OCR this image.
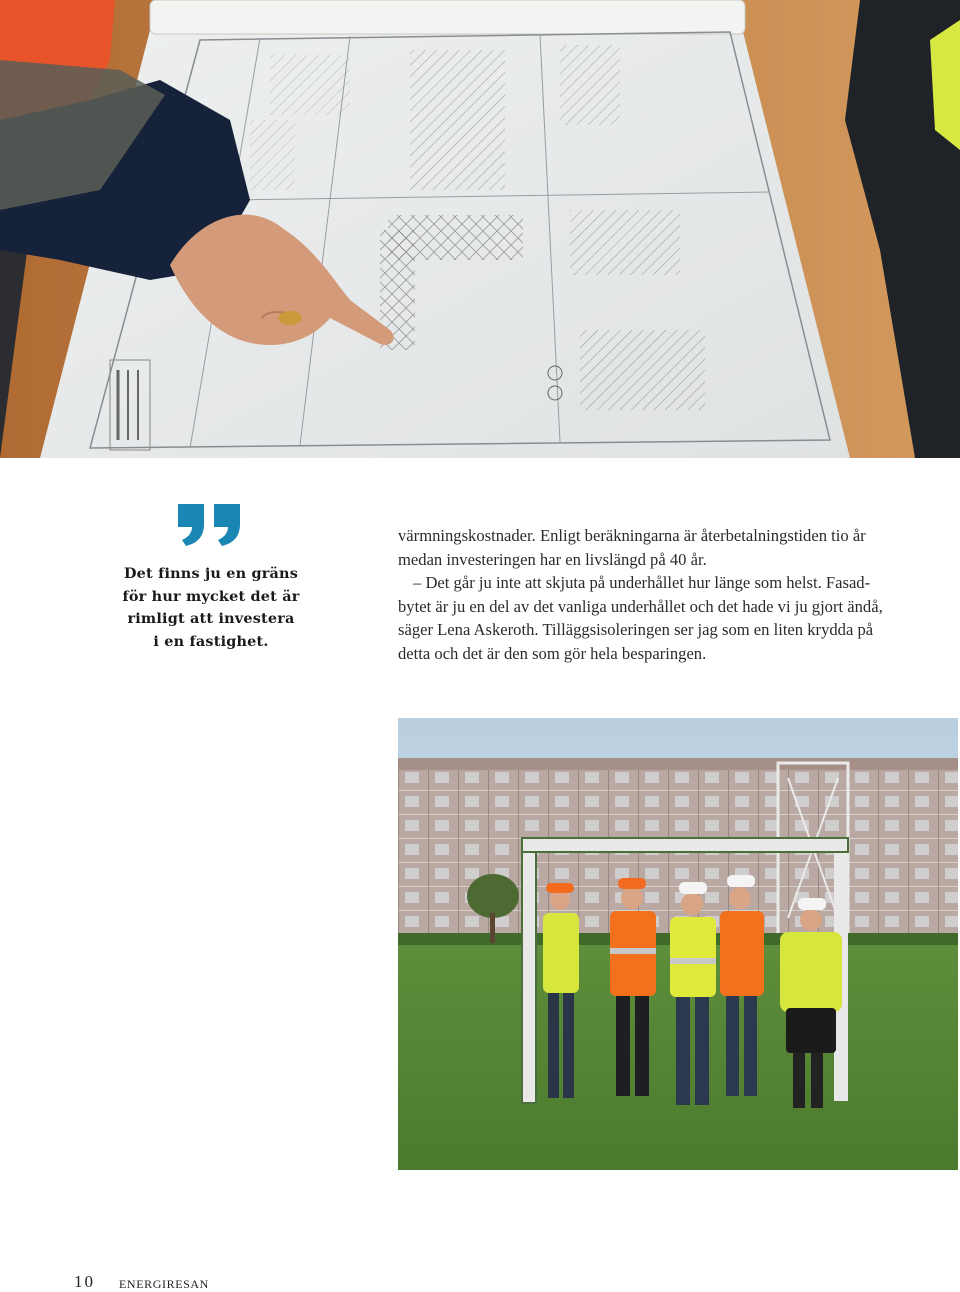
Det finns ju en gräns
för hur mycket det är
rimligt att investera
i en fastighet.
värmningskostnader. Enligt beräkningarna är återbetalningstiden tio år
medan investeringen har en livslängd på 40 år.
– Det går ju inte att skjuta på underhållet hur länge som helst. Fasad-
bytet är ju en del av det vanliga underhållet och det hade vi ju gjort ändå,
säger Lena Askeroth. Tilläggsisoleringen ser jag som en liten krydda på
detta och det är den som gör hela besparingen.
10 ENERGIRESAN
